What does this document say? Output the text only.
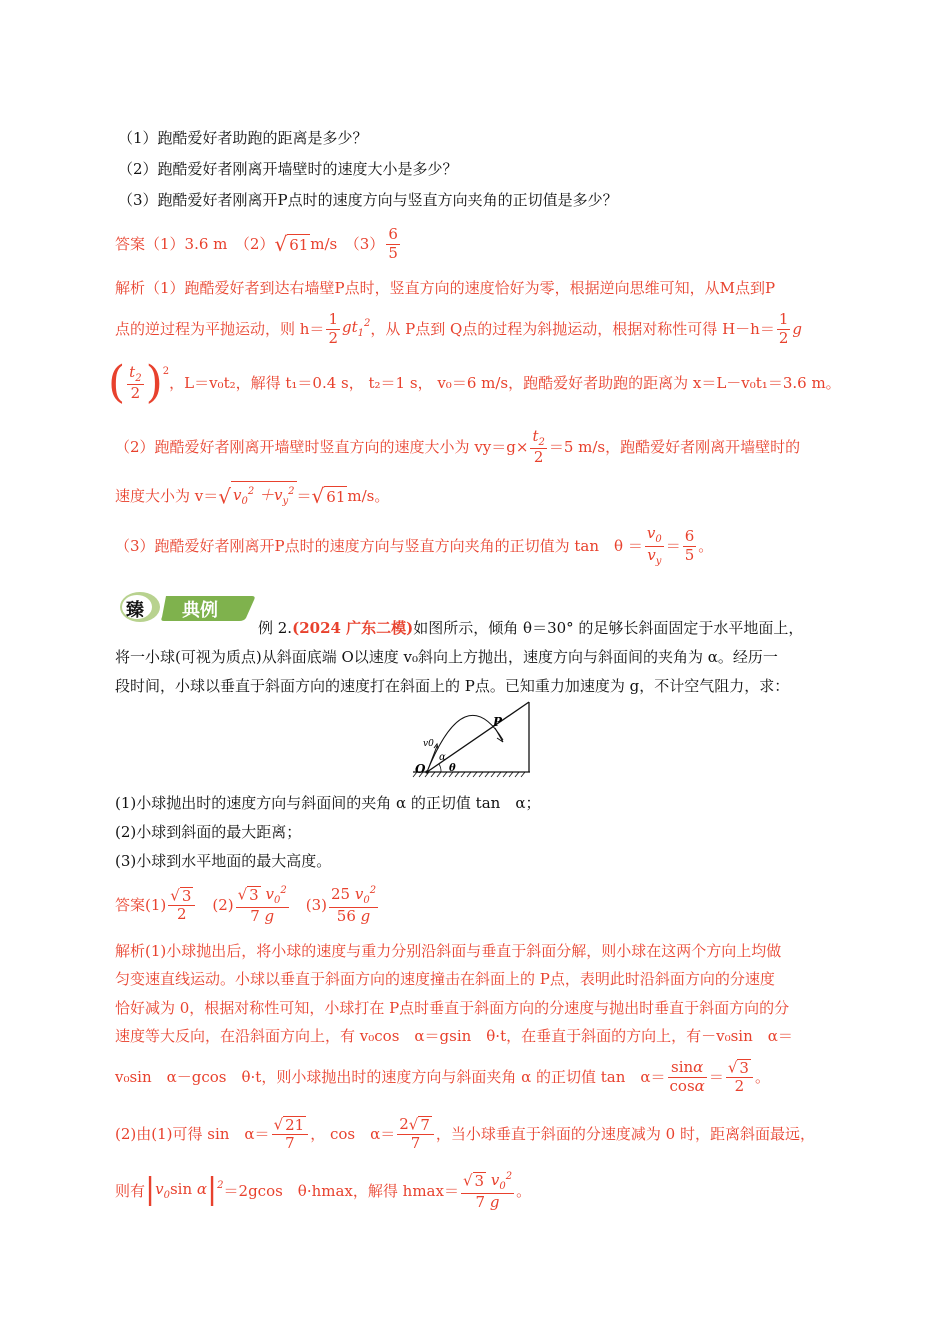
（1）跑酷爱好者助跑的距离是多少？
（2）跑酷爱好者刚离开墙壁时的速度大小是多少？
（3）跑酷爱好者刚离开P点时的速度方向与竖直方向夹角的正切值是多少？
答案（1）3.6 m　（2） √ 61 m/s　$(3) \frac{6}{5}$
解析（1）跑酷爱好者到达右墙壁P点时，竖直方向的速度恰好为零，根据逆向思维可知，从M点到P
点的逆过程为平抛运动，则 $h= \frac{1}{2} gt_1^2$ ，从 P点到 Q点的过程为斜抛运动，根据对称性可得 $H-h= \frac{1}{2}$ g
( $\frac{t_2}{2} )^2$
，L＝v₀t₂，解得 t₁＝0.4 s， t₂＝1 s， v₀＝6 m/s，跑酷爱好者助跑的距离为 x＝L－v₀t₁＝3.6 m。
（2）跑酷爱好者刚离开墙壁时竖直方向的速度大小为 $vy=g\times \frac{t_2}{2} =5$ m/s，跑酷爱好者刚离开墙壁时的
速度大小为 v＝ √ $v_0^2 +v_y^2$ ＝ √ 61 m/s。
（3）跑酷爱好者刚离开P点时的速度方向与竖直方向夹角的正切值为 tan　$\theta = \frac{v_0}{v_y} = \frac{6}{5}$ 。
臻 典例
例 2.(2024 广东二模)如图所示，倾角 θ＝30° 的足够长斜面固定于水平地面上，
将一小球(可视为质点)从斜面底端 O以速度 v₀斜向上方抛出，速度方向与斜面间的夹角为 α。经历一
段时间，小球以垂直于斜面方向的速度打在斜面上的 P点。已知重力加速度为 g，不计空气阻力，求：
P
O
v0
α
θ
(1)小球抛出时的速度方向与斜面间的夹角 α 的正切值 tan　α；
(2)小球到斜面的最大距离；
(3)小球到水平地面的最大高度。
答案$(1) \frac{√ 3}{2}$ 　$(2) \frac{√ 3 v_0^2}{7 g}$ 　$(3) \frac{25 v_0^2}{56 g}$
解析(1)小球抛出后，将小球的速度与重力分别沿斜面与垂直于斜面分解，则小球在这两个方向上均做
匀变速直线运动。小球以垂直于斜面方向的速度撞击在斜面上的 P点，表明此时沿斜面方向的分速度
恰好减为 0，根据对称性可知，小球打在 P点时垂直于斜面方向的分速度与抛出时垂直于斜面方向的分
速度等大反向，在沿斜面方向上，有 v₀cos　α＝gsin　θ·t，在垂直于斜面的方向上，有－v₀sin　α＝
v₀sin　α－gcos　θ·t，则小球抛出时的速度方向与斜面夹角 α 的正切值 tan　$\alpha= \frac{\sin\alpha}{\cos\alpha} = \frac{√ 3}{2}$ 。
(2)由(1)可得 sin　$\alpha= \frac{√ 21}{7}$ ， cos　$\alpha= \frac{2√ 7}{7}$ ，当小球垂直于斜面的分速度减为 0 时，距离斜面最远，
则有 $|v_0\sin$ $\alpha|^2 =2gcos$　θ·hmax，解得 $hmax= \frac{√ 3 v_0^2}{7 g}$ 。
